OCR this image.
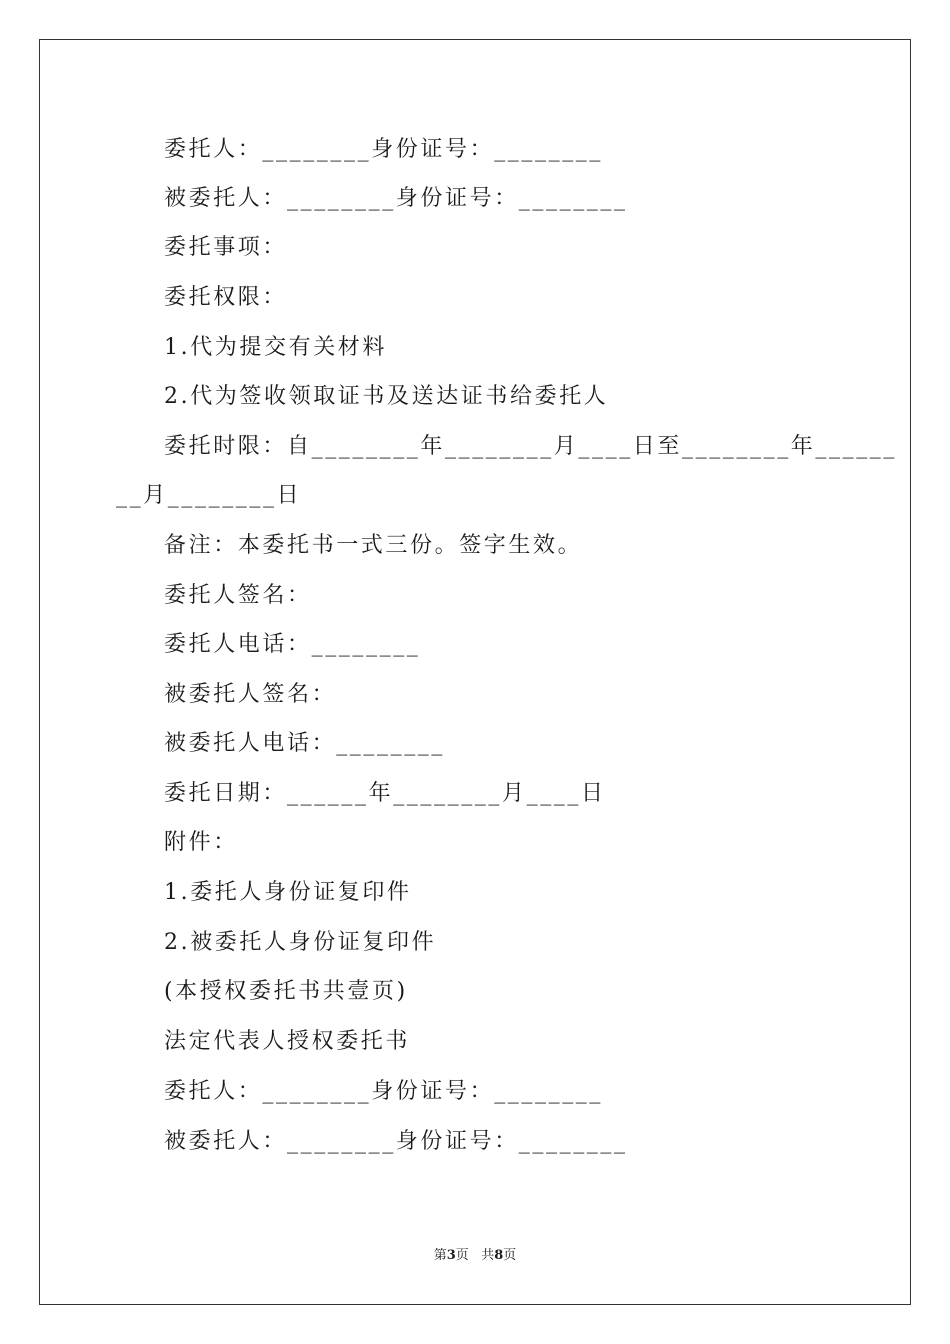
委托人：________身份证号：________
被委托人：________身份证号：________
委托事项：
委托权限：
1.代为提交有关材料
2.代为签收领取证书及送达证书给委托人
委托时限：自________年________月____日至________年______
__月________日
备注：本委托书一式三份。签字生效。
委托人签名：
委托人电话：________
被委托人签名：
被委托人电话：________
委托日期：______年________月____日
附件：
1.委托人身份证复印件
2.被委托人身份证复印件
(本授权委托书共壹页)
法定代表人授权委托书
委托人：________身份证号：________
被委托人：________身份证号：________
第3页 共8页
